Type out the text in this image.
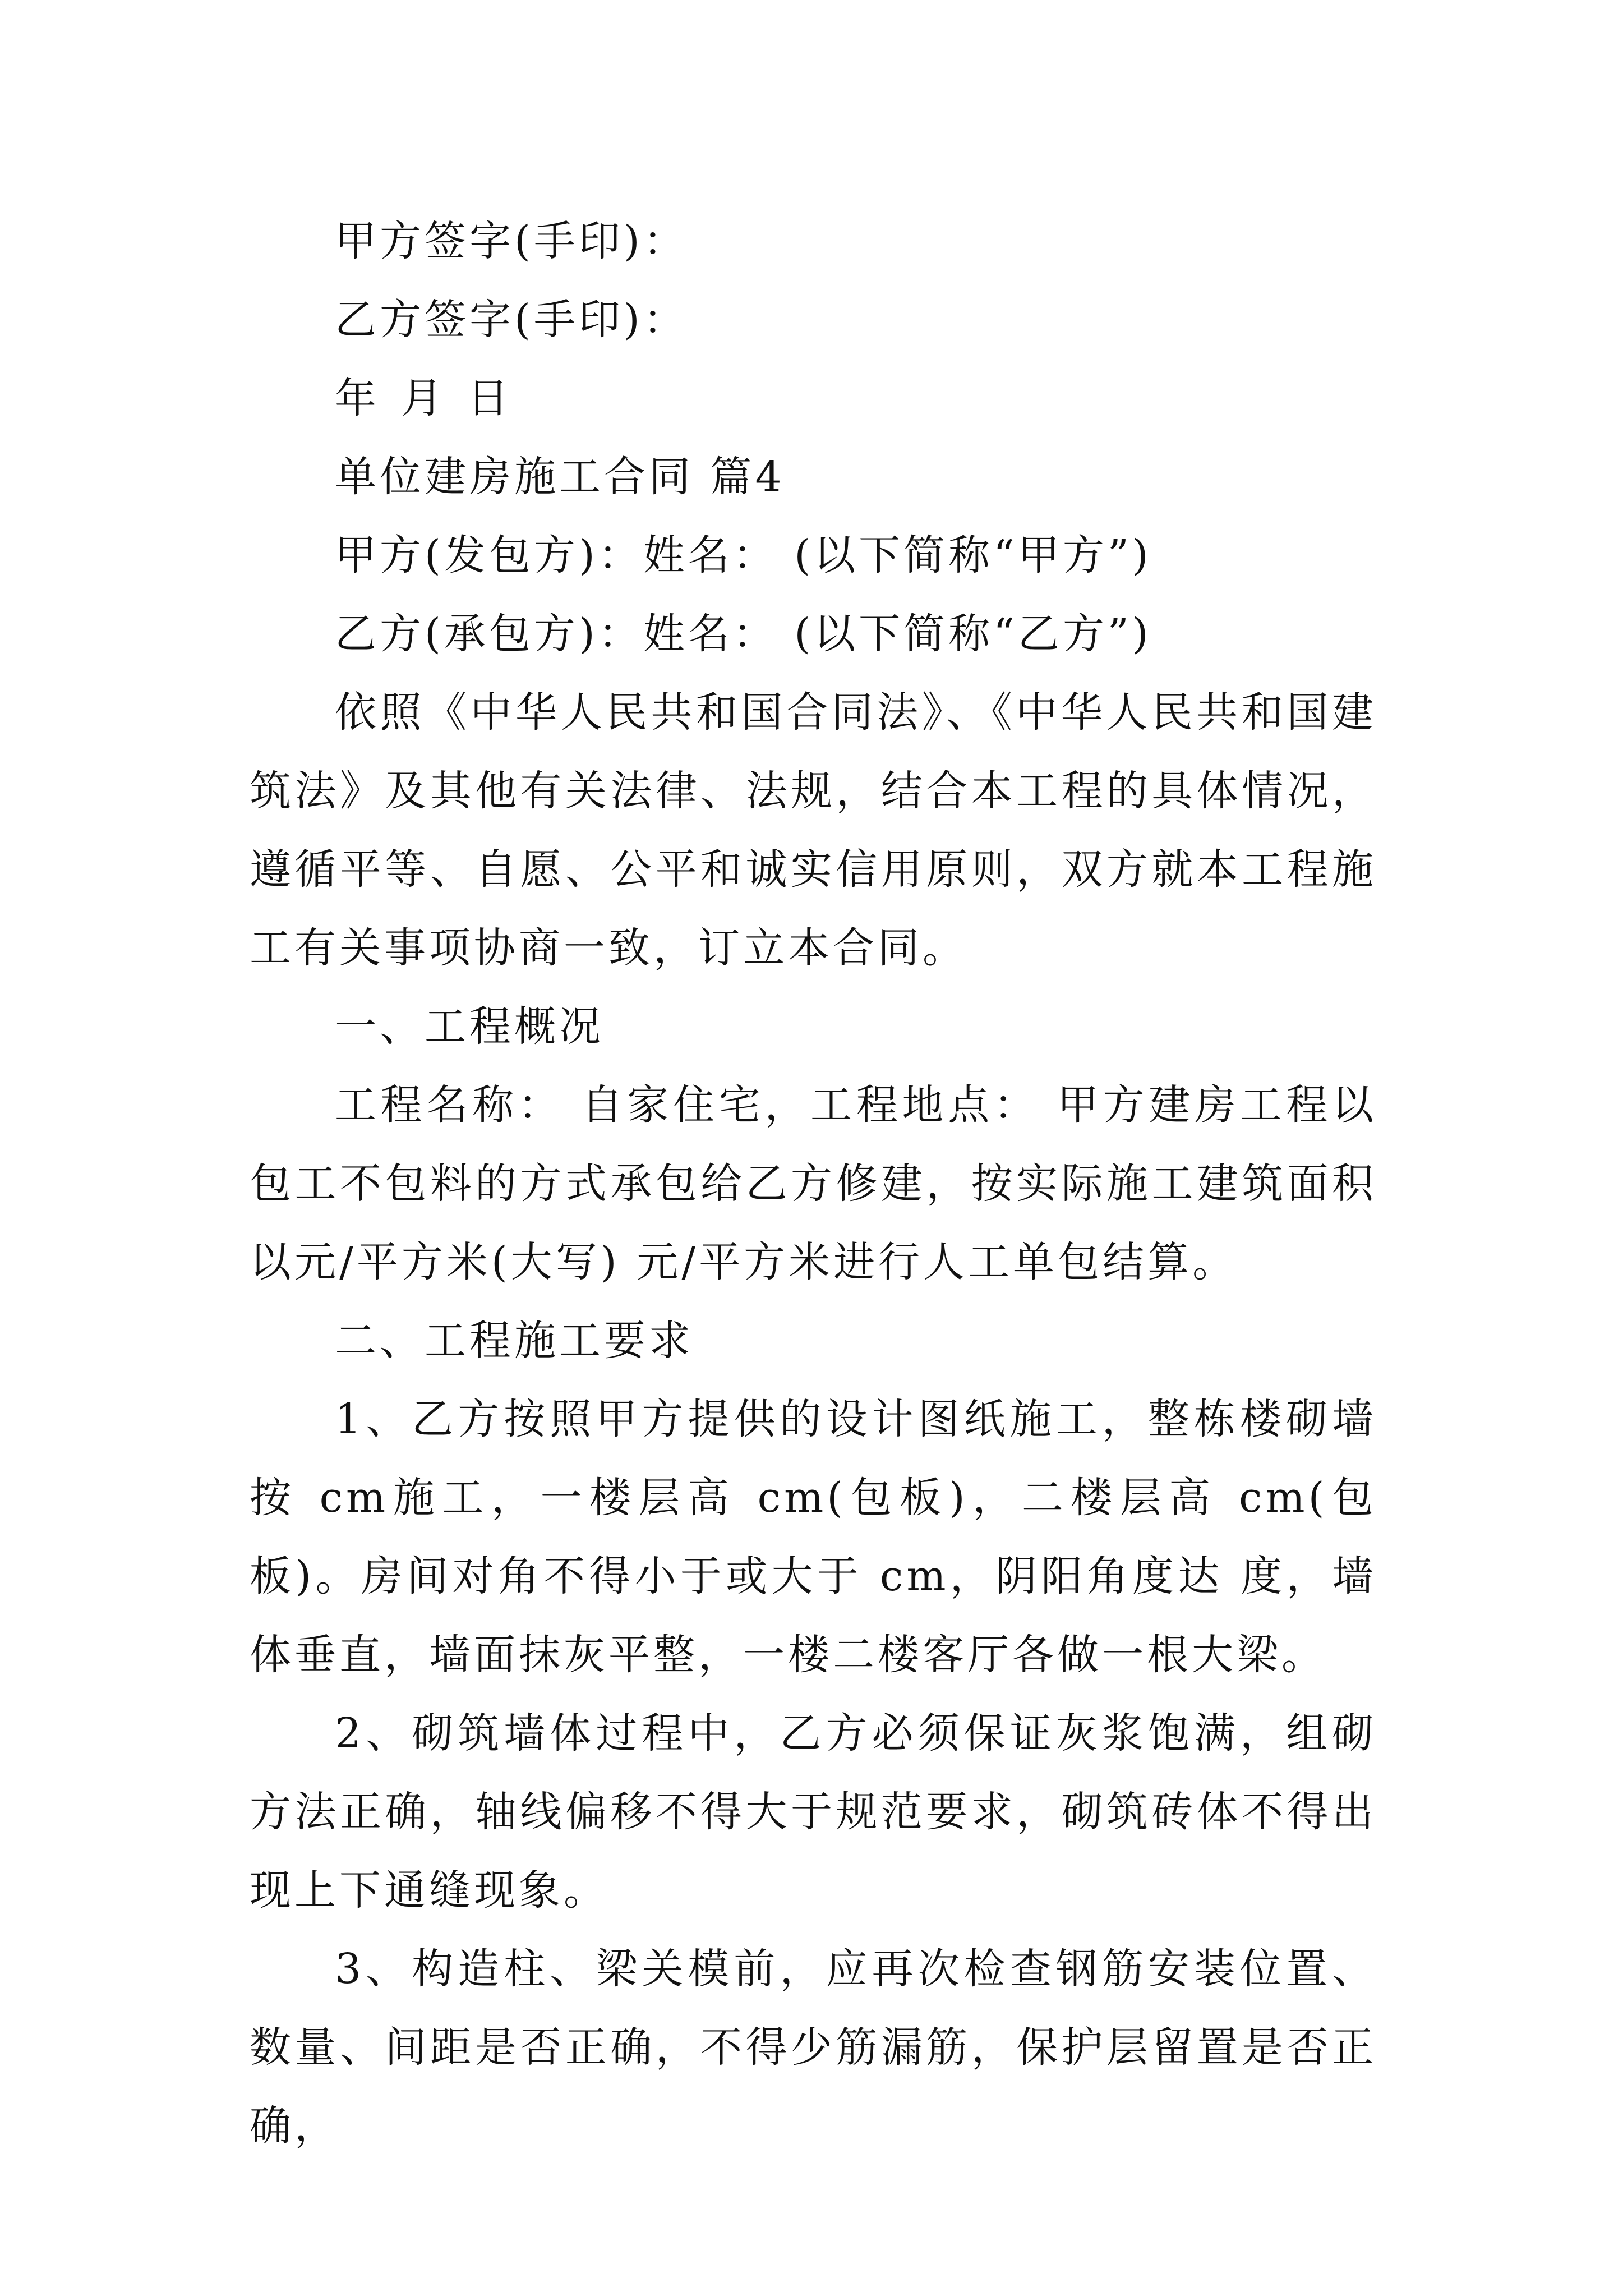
甲方签字(手印)：
乙方签字(手印)：
年 月 日
单位建房施工合同 篇4
甲方(发包方)：姓名： (以下简称“甲方”)
乙方(承包方)：姓名： (以下简称“乙方”)

依照《中华人民共和国合同法》、《中华人民共和国建筑法》及其他有关法律、法规，结合本工程的具体情况，遵循平等、自愿、公平和诚实信用原则，双方就本工程施工有关事项协商一致，订立本合同。

一、工程概况

工程名称： 自家住宅，工程地点： 甲方建房工程以包工不包料的方式承包给乙方修建，按实际施工建筑面积以元/平方米(大写) 元/平方米进行人工单包结算。

二、工程施工要求

1、乙方按照甲方提供的设计图纸施工，整栋楼砌墙按 cm施工，一楼层高 cm(包板)，二楼层高 cm(包板)。房间对角不得小于或大于 cm，阴阳角度达 度，墙体垂直，墙面抹灰平整，一楼二楼客厅各做一根大梁。

2、砌筑墙体过程中，乙方必须保证灰浆饱满，组砌方法正确，轴线偏移不得大于规范要求，砌筑砖体不得出现上下通缝现象。

3、构造柱、梁关模前，应再次检查钢筋安装位置、数量、间距是否正确，不得少筋漏筋，保护层留置是否正确，
